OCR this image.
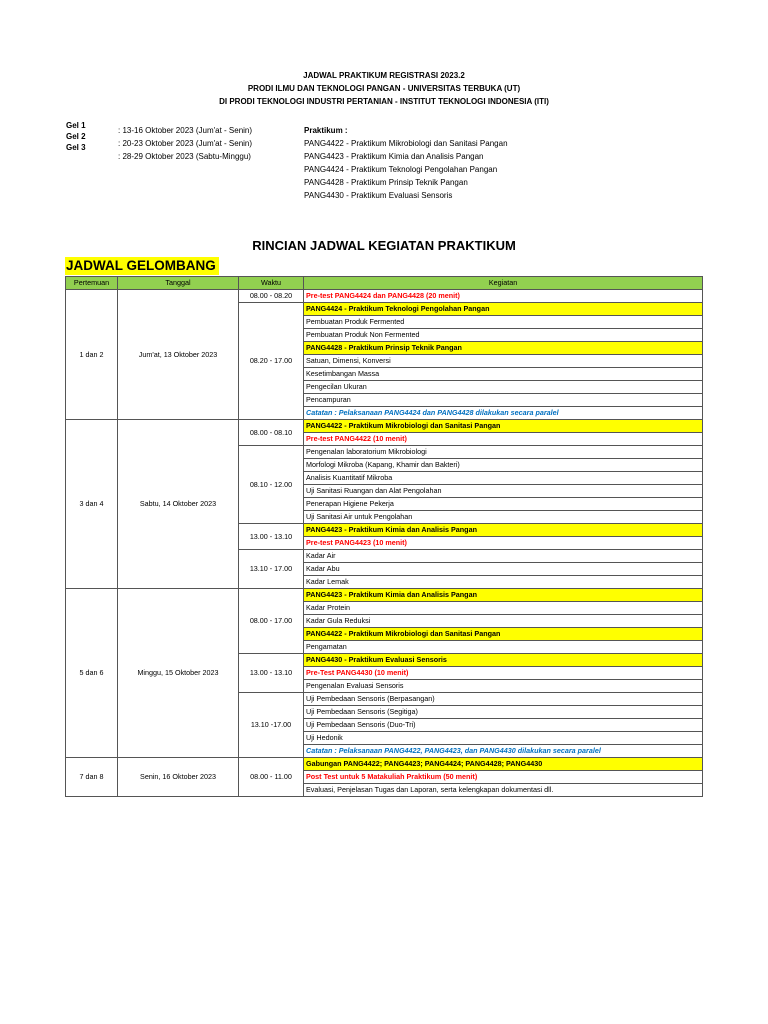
JADWAL PRAKTIKUM REGISTRASI 2023.2
PRODI ILMU DAN TEKNOLOGI PANGAN - UNIVERSITAS TERBUKA (UT)
DI PRODI TEKNOLOGI INDUSTRI PERTANIAN - INSTITUT TEKNOLOGI INDONESIA (ITI)
Gel 1
Gel 2
Gel 3
: 13-16 Oktober 2023 (Jum'at - Senin)
: 20-23 Oktober 2023 (Jum'at - Senin)
: 28-29 Oktober 2023 (Sabtu-Minggu)
Praktikum :
PANG4422 - Praktikum Mikrobiologi dan Sanitasi Pangan
PANG4423 - Praktikum Kimia dan Analisis Pangan
PANG4424 - Praktikum Teknologi Pengolahan Pangan
PANG4428 - Praktikum Prinsip Teknik Pangan
PANG4430 - Praktikum Evaluasi Sensoris
RINCIAN JADWAL KEGIATAN PRAKTIKUM
JADWAL GELOMBANG
Pertemuan	Tanggal	Waktu	Kegiatan
1 dan 2	Jum'at, 13 Oktober 2023	08.00 - 08.20	Pre-test PANG4424 dan PANG4428 (20 menit)
		08.20 - 17.00	PANG4424 - Praktikum Teknologi Pengolahan Pangan
			Pembuatan Produk Fermented
			Pembuatan Produk Non Fermented
			PANG4428 - Praktikum Prinsip Teknik Pangan
			Satuan, Dimensi, Konversi
			Kesetimbangan Massa
			Pengecilan Ukuran
			Pencampuran
			Catatan : Pelaksanaan PANG4424 dan PANG4428 dilakukan secara paralel
3 dan 4	Sabtu, 14 Oktober 2023	08.00 - 08.10	PANG4422 - Praktikum Mikrobiologi dan Sanitasi Pangan
			Pre-test PANG4422 (10 menit)
		08.10 - 12.00	Pengenalan laboratorium Mikrobiologi
			Morfologi Mikroba (Kapang, Khamir dan Bakteri)
			Analisis Kuantitatif Mikroba
			Uji Sanitasi Ruangan dan Alat Pengolahan
			Penerapan Higiene Pekerja
			Uji Sanitasi Air untuk Pengolahan
		13.00 - 13.10	PANG4423 - Praktikum Kimia dan Analisis Pangan
			Pre-test PANG4423 (10 menit)
		13.10 - 17.00	Kadar Air
			Kadar Abu
			Kadar Lemak
5 dan 6	Minggu, 15 Oktober 2023	08.00 - 17.00	PANG4423 - Praktikum Kimia dan Analisis Pangan
			Kadar Protein
			Kadar Gula Reduksi
			PANG4422 - Praktikum Mikrobiologi dan Sanitasi Pangan
			Pengamatan
		13.00 - 13.10	PANG4430 - Praktikum Evaluasi Sensoris
			Pre-Test PANG4430 (10 menit)
			Pengenalan Evaluasi Sensoris
		13.10 -17.00	Uji Pembedaan Sensoris (Berpasangan)
			Uji Pembedaan Sensoris (Segitiga)
			Uji Pembedaan Sensoris (Duo-Tri)
			Uji Hedonik
			Catatan : Pelaksanaan PANG4422, PANG4423, dan PANG4430 dilakukan secara paralel
7 dan 8	Senin, 16 Oktober 2023	08.00 - 11.00	Gabungan PANG4422; PANG4423; PANG4424; PANG4428; PANG4430
			Post Test untuk 5 Matakuliah Praktikum (50 menit)
			Evaluasi, Penjelasan Tugas dan Laporan, serta kelengkapan dokumentasi dll.
